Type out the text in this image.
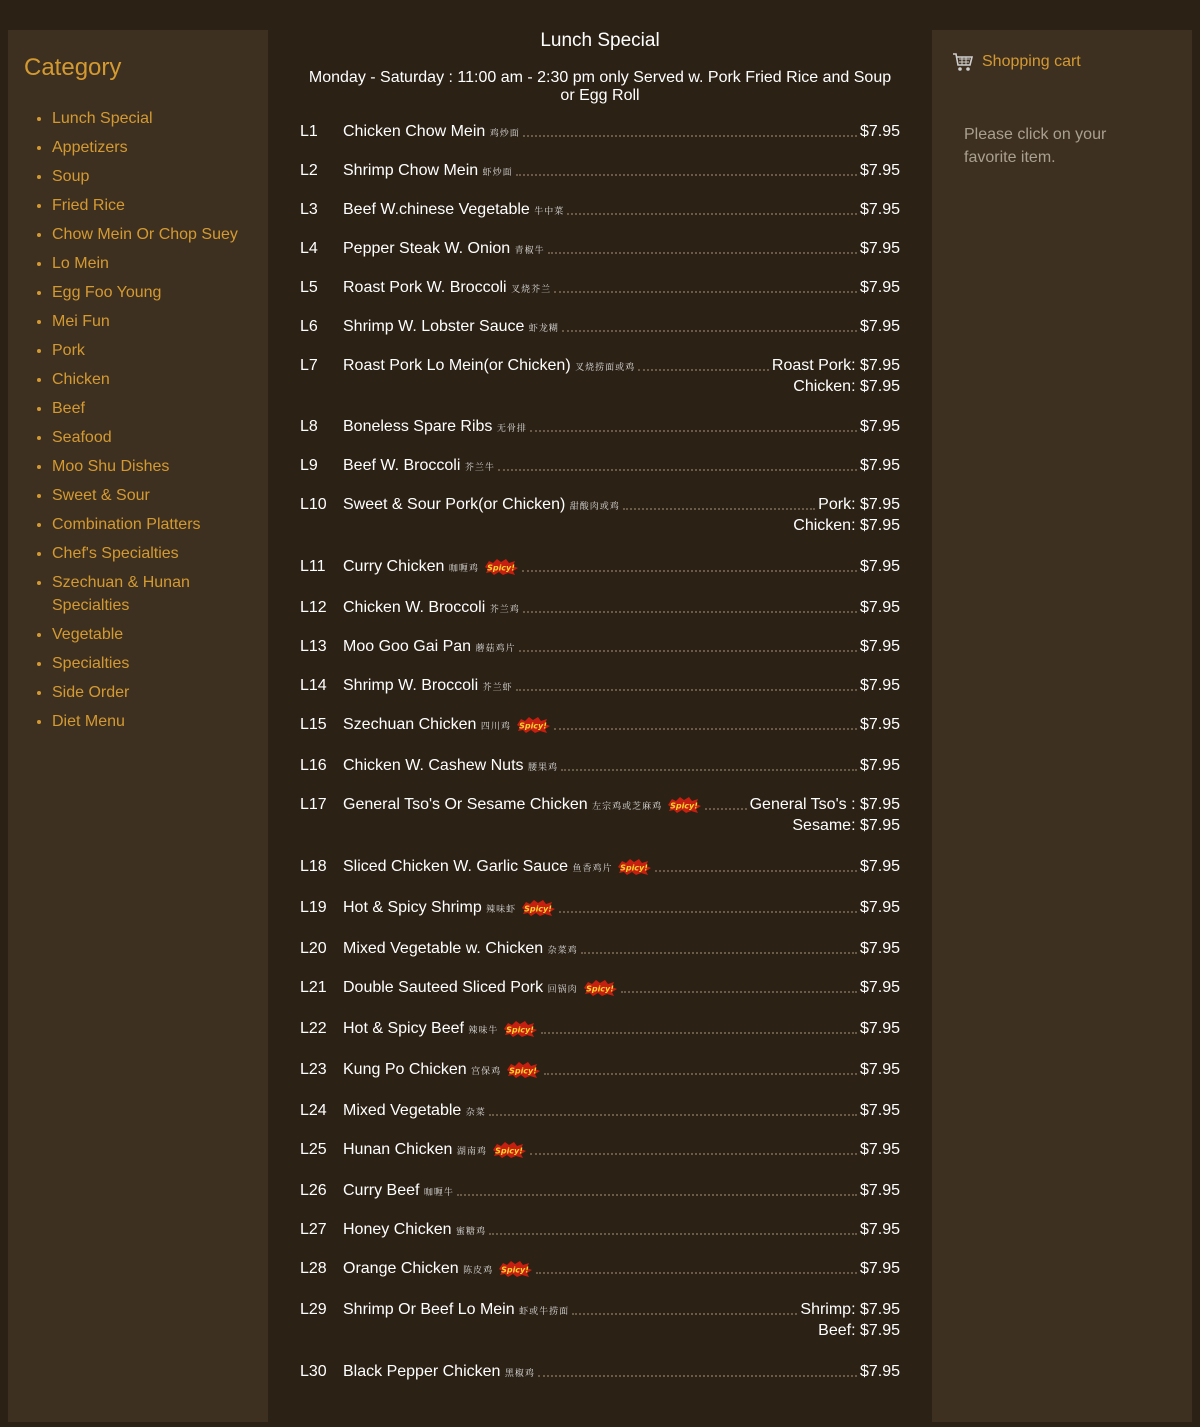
Category
• Lunch Special
• Appetizers
• Soup
• Fried Rice
• Chow Mein Or Chop Suey
• Lo Mein
• Egg Foo Young
• Mei Fun
• Pork
• Chicken
• Beef
• Seafood
• Moo Shu Dishes
• Sweet & Sour
• Combination Platters
• Chef's Specialties
• Szechuan & Hunan Specialties
• Vegetable
• Specialties
• Side Order
• Diet Menu
Lunch Special
Monday - Saturday : 11:00 am - 2:30 pm only Served w. Pork Fried Rice and Soup or Egg Roll
L1	Chicken Chow Mein 鸡炒面	$7.95
L2	Shrimp Chow Mein 虾炒面	$7.95
L3	Beef W.chinese Vegetable 牛中菜	$7.95
L4	Pepper Steak W. Onion 青椒牛	$7.95
L5	Roast Pork W. Broccoli 叉烧芥兰	$7.95
L6	Shrimp W. Lobster Sauce 虾龙糊	$7.95
L7	Roast Pork Lo Mein(or Chicken) 叉烧捞面或鸡	Roast Pork: $7.95
Chicken: $7.95
L8	Boneless Spare Ribs 无骨排	$7.95
L9	Beef W. Broccoli 芥兰牛	$7.95
L10	Sweet & Sour Pork(or Chicken) 甜酸肉或鸡	Pork: $7.95
Chicken: $7.95
L11	Curry Chicken 咖喱鸡 Spicy!	$7.95
L12	Chicken W. Broccoli 芥兰鸡	$7.95
L13	Moo Goo Gai Pan 蘑菇鸡片	$7.95
L14	Shrimp W. Broccoli 芥兰虾	$7.95
L15	Szechuan Chicken 四川鸡 Spicy!	$7.95
L16	Chicken W. Cashew Nuts 腰果鸡	$7.95
L17	General Tso's Or Sesame Chicken 左宗鸡或芝麻鸡 Spicy!	General Tso's : $7.95
Sesame: $7.95
L18	Sliced Chicken W. Garlic Sauce 鱼香鸡片 Spicy!	$7.95
L19	Hot & Spicy Shrimp 辣味虾 Spicy!	$7.95
L20	Mixed Vegetable w. Chicken 杂菜鸡	$7.95
L21	Double Sauteed Sliced Pork 回锅肉 Spicy!	$7.95
L22	Hot & Spicy Beef 辣味牛 Spicy!	$7.95
L23	Kung Po Chicken 宫保鸡 Spicy!	$7.95
L24	Mixed Vegetable 杂菜	$7.95
L25	Hunan Chicken 湖南鸡 Spicy!	$7.95
L26	Curry Beef 咖喱牛	$7.95
L27	Honey Chicken 蜜糖鸡	$7.95
L28	Orange Chicken 陈皮鸡 Spicy!	$7.95
L29	Shrimp Or Beef Lo Mein 虾或牛捞面	Shrimp: $7.95
Beef: $7.95
L30	Black Pepper Chicken 黑椒鸡	$7.95
Shopping cart
Please click on your favorite item.
